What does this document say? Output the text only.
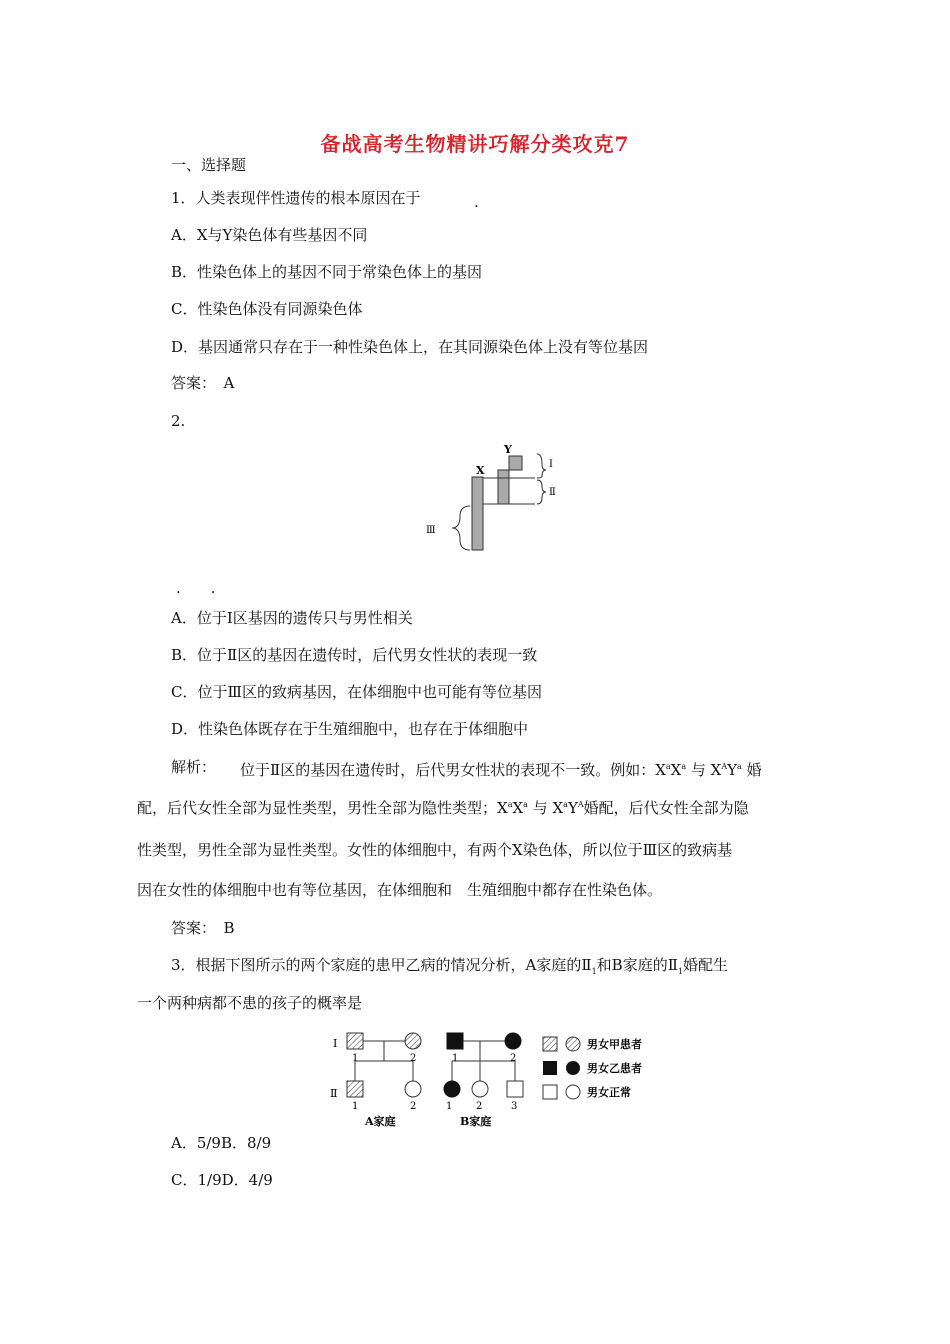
备战高考生物精讲巧解分类攻克7
一、选择题
1．人类表现伴性遗传的根本原因在于	.
A．X与Y染色体有些基因不同
B．性染色体上的基因不同于常染色体上的基因
C．性染色体没有同源染色体
D．基因通常只存在于一种性染色体上，在其同源染色体上没有等位基因
答案：　A
2.
X
Y
Ⅰ
Ⅱ
Ⅲ
.　　.
A．位于Ⅰ区基因的遗传只与男性相关
B．位于Ⅱ区的基因在遗传时，后代男女性状的表现一致
C．位于Ⅲ区的致病基因，在体细胞中也可能有等位基因
D．性染色体既存在于生殖细胞中，也存在于体细胞中
解析： 位于Ⅱ区的基因在遗传时，后代男女性状的表现不一致。例如：$X^aX^a$ 与 $X^AY^a$ 婚
配，后代女性全部为显性类型，男性全部为隐性类型；$X^aX^a$ 与 $X^aY^A$婚配，后代女性全部为隐
性类型，男性全部为显性类型。女性的体细胞中，有两个X染色体，所以位于Ⅲ区的致病基
因在女性的体细胞中也有等位基因，在体细胞和　生殖细胞中都存在性染色体。
答案：　B
3．根据下图所示的两个家庭的患甲乙病的情况分析，A家庭的$Ⅱ_1$和B家庭的$Ⅱ_1$婚配生
一个两种病都不患的孩子的概率是
Ⅰ
Ⅱ
1	2
1	2
A家庭
1	2
1 2	3
B家庭
男女甲患者
男女乙患者
男女正常
A．5/9B．8/9
C．1/9D．4/9
